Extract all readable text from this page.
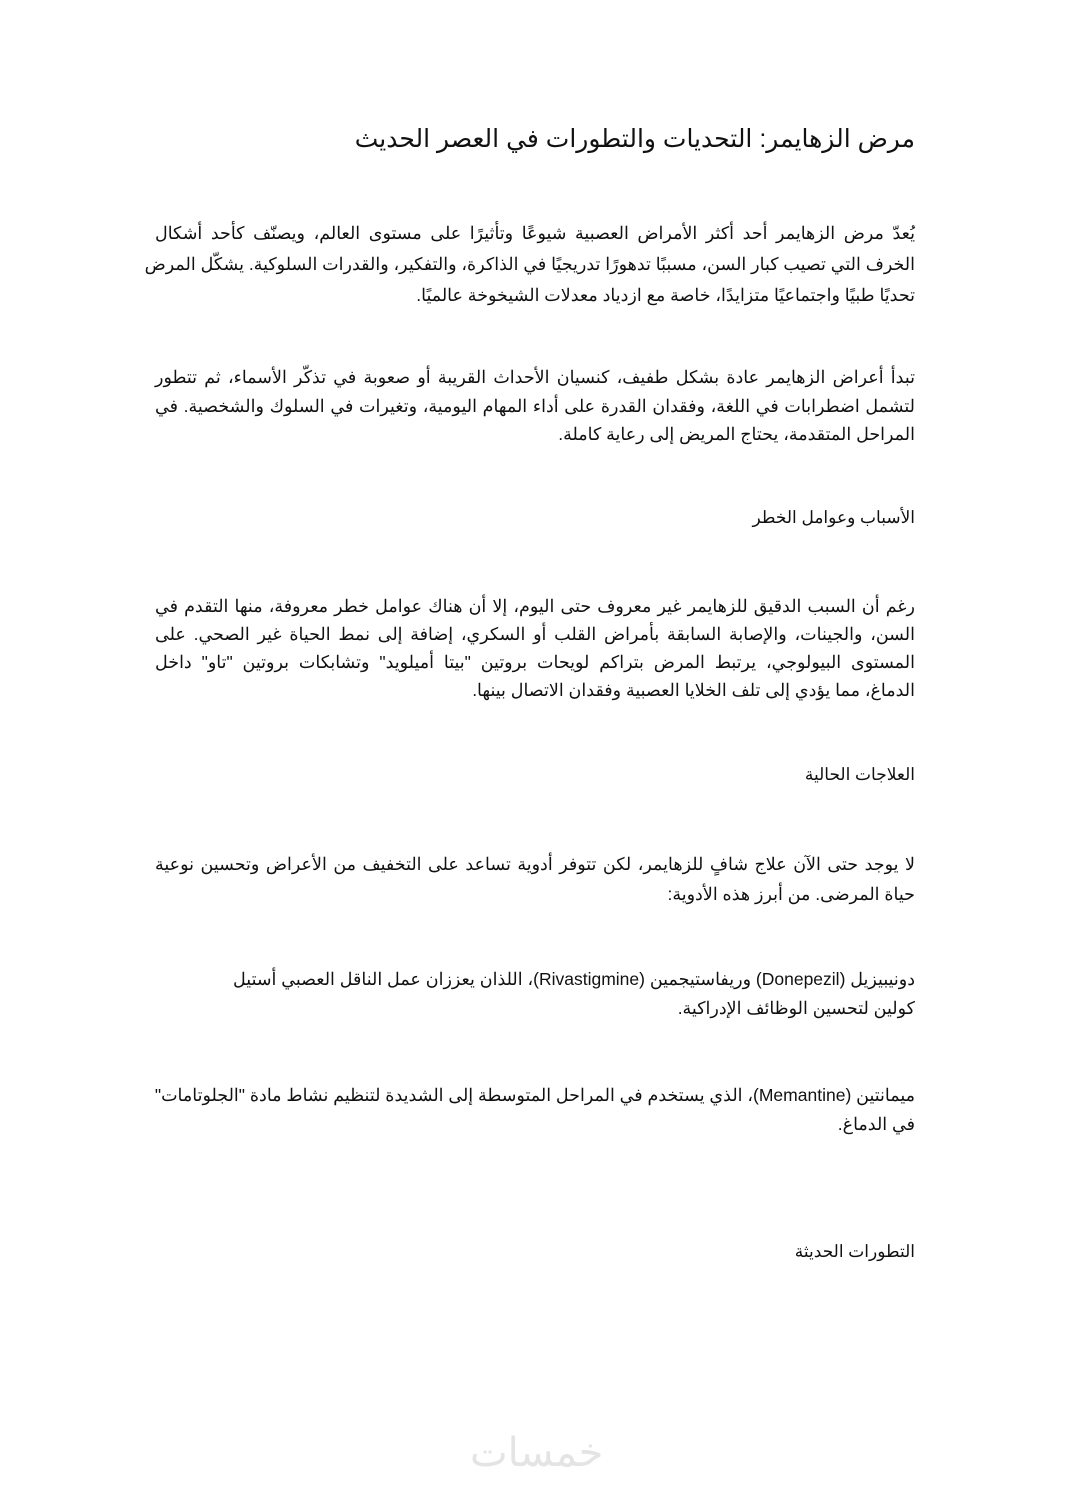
مرض الزهايمر: التحديات والتطورات في العصر الحديث
يُعدّ مرض الزهايمر أحد أكثر الأمراض العصبية شيوعًا وتأثيرًا على مستوى العالم، ويصنّف كأحد أشكال
الخرف التي تصيب كبار السن، مسببًا تدهورًا تدريجيًا في الذاكرة، والتفكير، والقدرات السلوكية. يشكّل المرض
تحديًا طبيًا واجتماعيًا متزايدًا، خاصة مع ازدياد معدلات الشيخوخة عالميًا.
تبدأ أعراض الزهايمر عادة بشكل طفيف، كنسيان الأحداث القريبة أو صعوبة في تذكّر الأسماء، ثم تتطور
لتشمل اضطرابات في اللغة، وفقدان القدرة على أداء المهام اليومية، وتغيرات في السلوك والشخصية. في
المراحل المتقدمة، يحتاج المريض إلى رعاية كاملة.
الأسباب وعوامل الخطر
رغم أن السبب الدقيق للزهايمر غير معروف حتى اليوم، إلا أن هناك عوامل خطر معروفة، منها التقدم في
السن، والجينات، والإصابة السابقة بأمراض القلب أو السكري، إضافة إلى نمط الحياة غير الصحي. على
المستوى البيولوجي، يرتبط المرض بتراكم لويحات بروتين "بيتا أميلويد" وتشابكات بروتين "تاو" داخل
الدماغ، مما يؤدي إلى تلف الخلايا العصبية وفقدان الاتصال بينها.
العلاجات الحالية
لا يوجد حتى الآن علاج شافٍ للزهايمر، لكن تتوفر أدوية تساعد على التخفيف من الأعراض وتحسين نوعية
حياة المرضى. من أبرز هذه الأدوية:
دونيبيزيل (Donepezil) وريفاستيجمين (Rivastigmine)، اللذان يعززان عمل الناقل العصبي أستيل
كولين لتحسين الوظائف الإدراكية.
ميمانتين (Memantine)، الذي يستخدم في المراحل المتوسطة إلى الشديدة لتنظيم نشاط مادة "الجلوتامات"
في الدماغ.
التطورات الحديثة
خمسات
